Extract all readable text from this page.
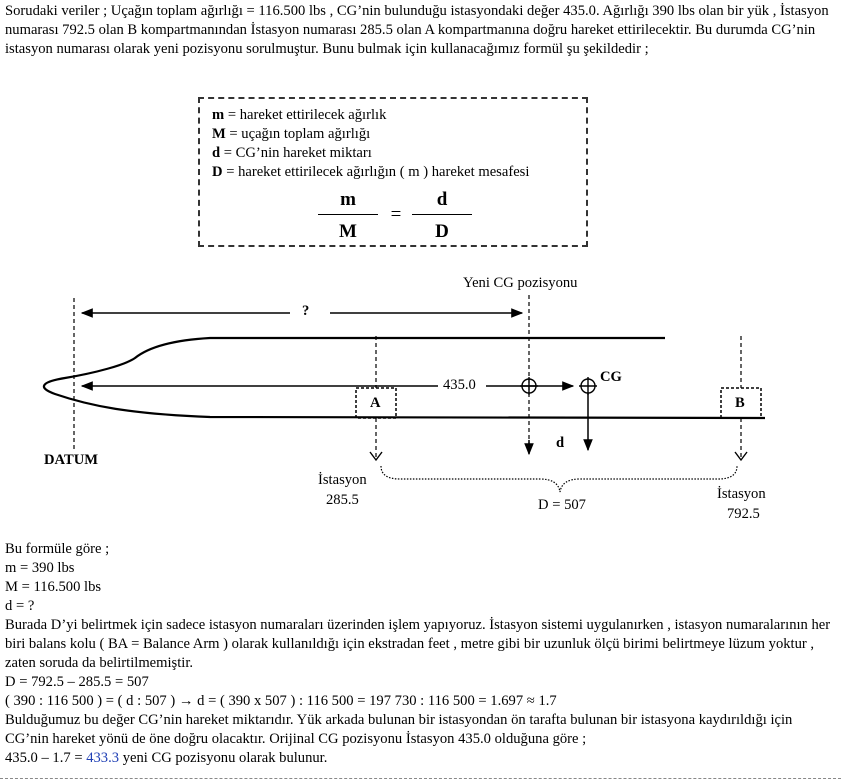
Sorudaki veriler ; Uçağın toplam ağırlığı = 116.500 lbs , CG’nin bulunduğu istasyondaki değer 435.0. Ağırlığı 390 lbs olan bir yük , İstasyon numarası 792.5 olan B kompartmanından İstasyon numarası 285.5 olan A kompartmanına doğru hareket ettirilecektir. Bu durumda CG’nin istasyon numarası olarak yeni pozisyonu sorulmuştur. Bunu bulmak için kullanacağımız formül şu şekildedir ;
m = hareket ettirilecek ağırlık
M = uçağın toplam ağırlığı
d = CG’nin hareket miktarı
D = hareket ettirilecek ağırlığın ( m ) hareket mesafesi
m
M
=
d
D
Yeni CG pozisyonu
?
435.0	CG
A	B
d
DATUM
İstasyon
285.5	İstasyon
792.5
D = 507
Bu formüle göre ;
m = 390 lbs
M = 116.500 lbs
d = ?
Burada D’yi belirtmek için sadece istasyon numaraları üzerinden işlem yapıyoruz. İstasyon sistemi uygulanırken , istasyon numaralarının her biri balans kolu ( BA = Balance Arm ) olarak kullanıldığı için ekstradan feet , metre gibi bir uzunluk ölçü birimi belirtmeye lüzum yoktur , zaten soruda da belirtilmemiştir.
D = 792.5 – 285.5 = 507
( 390 : 116 500 ) = ( d : 507 ) → d = ( 390 x 507 ) : 116 500 = 197 730 : 116 500 = 1.697 ≈ 1.7
Bulduğumuz bu değer CG’nin hareket miktarıdır. Yük arkada bulunan bir istasyondan ön tarafta bulunan bir istasyona kaydırıldığı için CG’nin hareket yönü de öne doğru olacaktır. Orijinal CG pozisyonu İstasyon 435.0 olduğuna göre ;
435.0 – 1.7 = 433.3 yeni CG pozisyonu olarak bulunur.
